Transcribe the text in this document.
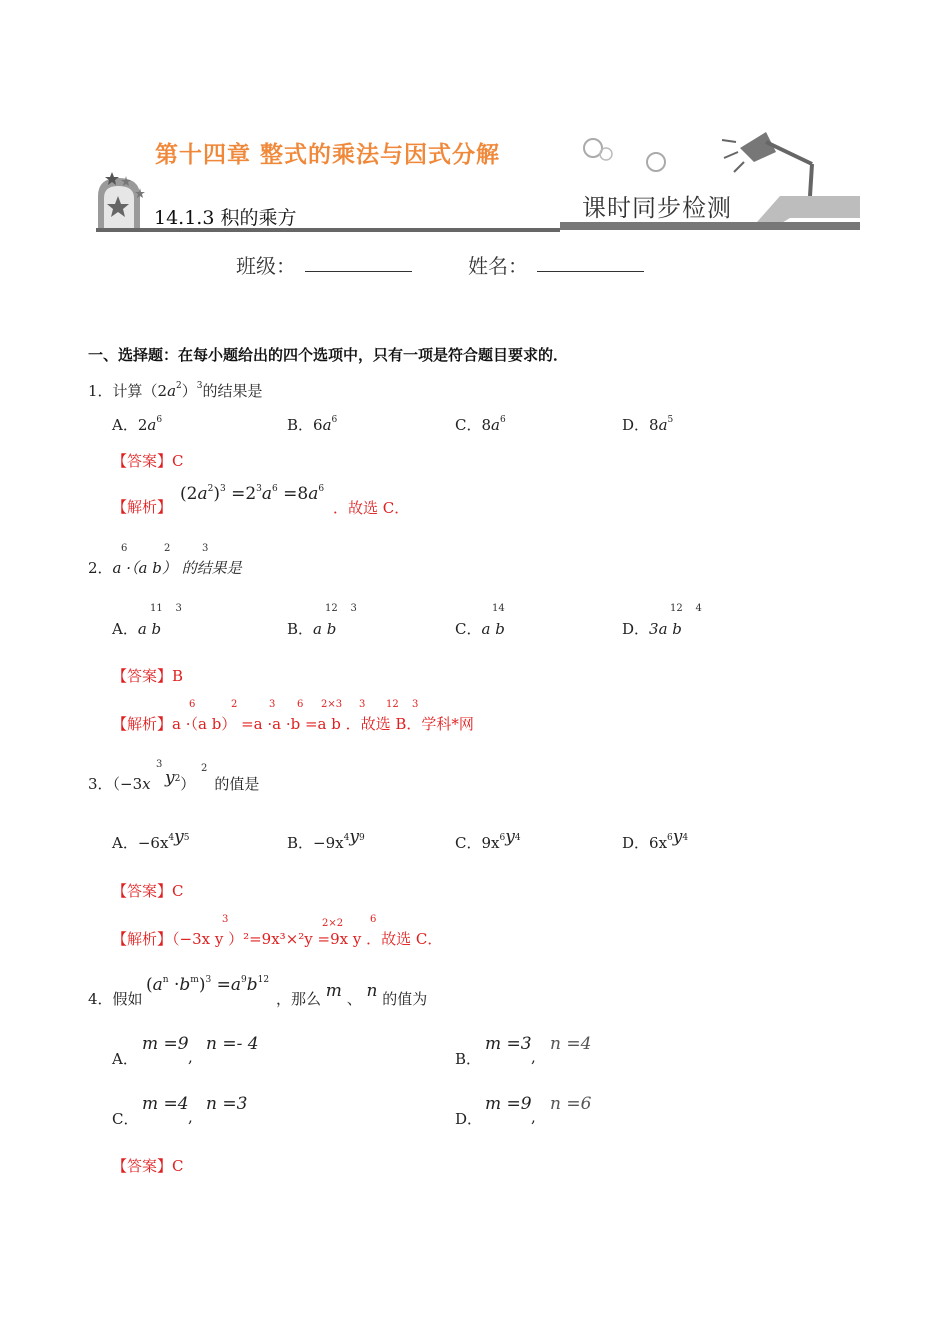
第十四章 整式的乘法与因式分解
14.1.3 积的乘方	课时同步检测
班级：	姓名：
一、选择题：在每小题给出的四个选项中，只有一项是符合题目要求的．
1．计算$(2a^2)^3$的结果是
A．$2a^6$	B．$6a^6$	C．$8a^6$	D．$8a^5$
【答案】C
【解析】
$(2a^2)^3 =2^3a^6 =8a^6$
．故选 C．
6	2	3
2．a ·（a b） 的结果是
11    3
A．a b
12    3
B．a b
14
C．a b
12    4
D．3a b
【答案】B
6	2	3 6 2×3 3 12 3
【解析】a ·（a b） =a ·a ·b =a b ．故选 B．学科*网
3	2
3．（−3x $y^2$）    的值是
A．$-6x^4y^5$	B．$-9x^4y^9$	C．$9x^6y^4$	D．$6x^6y^4$
【答案】C
3	2×2	6
【解析】（−3x y ）²=9x³×²y =9x y ．故选 C．
4．假如
$(a^n \cdot b^m)^3 =a^9b^{12}$
，那么 m 、 n 的值为
A．
m =9
,
n =- 4
B．
m =3
,
n =4
C．
m =4
,
n =3
D．
m =9
,
n =6
【答案】C
